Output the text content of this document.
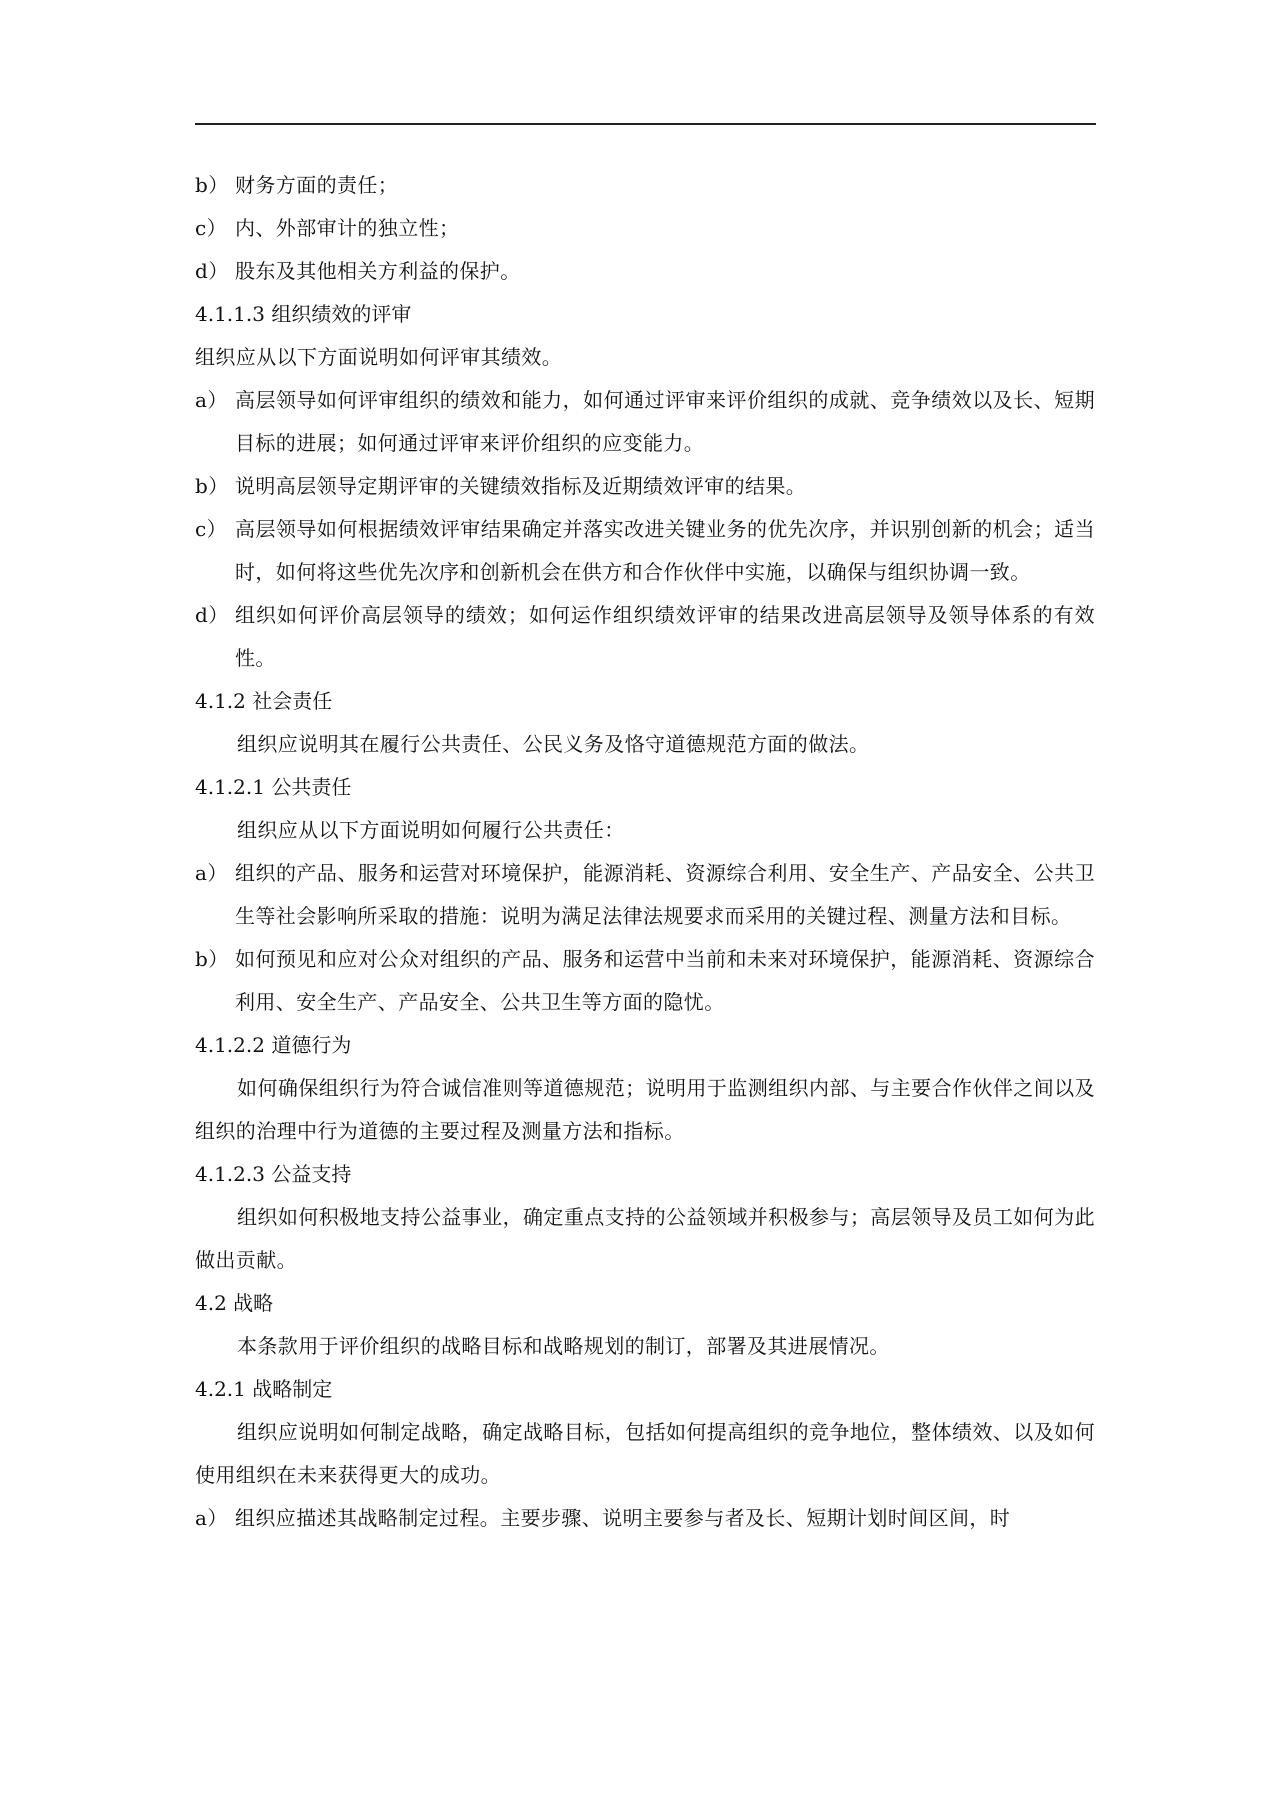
b） 财务方面的责任；
c） 内、外部审计的独立性；
d） 股东及其他相关方利益的保护。
4.1.1.3 组织绩效的评审
组织应从以下方面说明如何评审其绩效。
a） 高层领导如何评审组织的绩效和能力，如何通过评审来评价组织的成就、竞争绩效以及长、短期目标的进展；如何通过评审来评价组织的应变能力。
b） 说明高层领导定期评审的关键绩效指标及近期绩效评审的结果。
c） 高层领导如何根据绩效评审结果确定并落实改进关键业务的优先次序，并识别创新的机会；适当时，如何将这些优先次序和创新机会在供方和合作伙伴中实施，以确保与组织协调一致。
d） 组织如何评价高层领导的绩效；如何运作组织绩效评审的结果改进高层领导及领导体系的有效性。
4.1.2 社会责任
组织应说明其在履行公共责任、公民义务及恪守道德规范方面的做法。
4.1.2.1 公共责任
组织应从以下方面说明如何履行公共责任：
a） 组织的产品、服务和运营对环境保护，能源消耗、资源综合利用、安全生产、产品安全、公共卫生等社会影响所采取的措施：说明为满足法律法规要求而采用的关键过程、测量方法和目标。
b） 如何预见和应对公众对组织的产品、服务和运营中当前和未来对环境保护，能源消耗、资源综合利用、安全生产、产品安全、公共卫生等方面的隐忧。
4.1.2.2 道德行为
如何确保组织行为符合诚信准则等道德规范；说明用于监测组织内部、与主要合作伙伴之间以及组织的治理中行为道德的主要过程及测量方法和指标。
4.1.2.3 公益支持
组织如何积极地支持公益事业，确定重点支持的公益领域并积极参与；高层领导及员工如何为此做出贡献。
4.2 战略
本条款用于评价组织的战略目标和战略规划的制订，部署及其进展情况。
4.2.1 战略制定
组织应说明如何制定战略，确定战略目标，包括如何提高组织的竞争地位，整体绩效、以及如何使用组织在未来获得更大的成功。
a） 组织应描述其战略制定过程。主要步骤、说明主要参与者及长、短期计划时间区间，时
